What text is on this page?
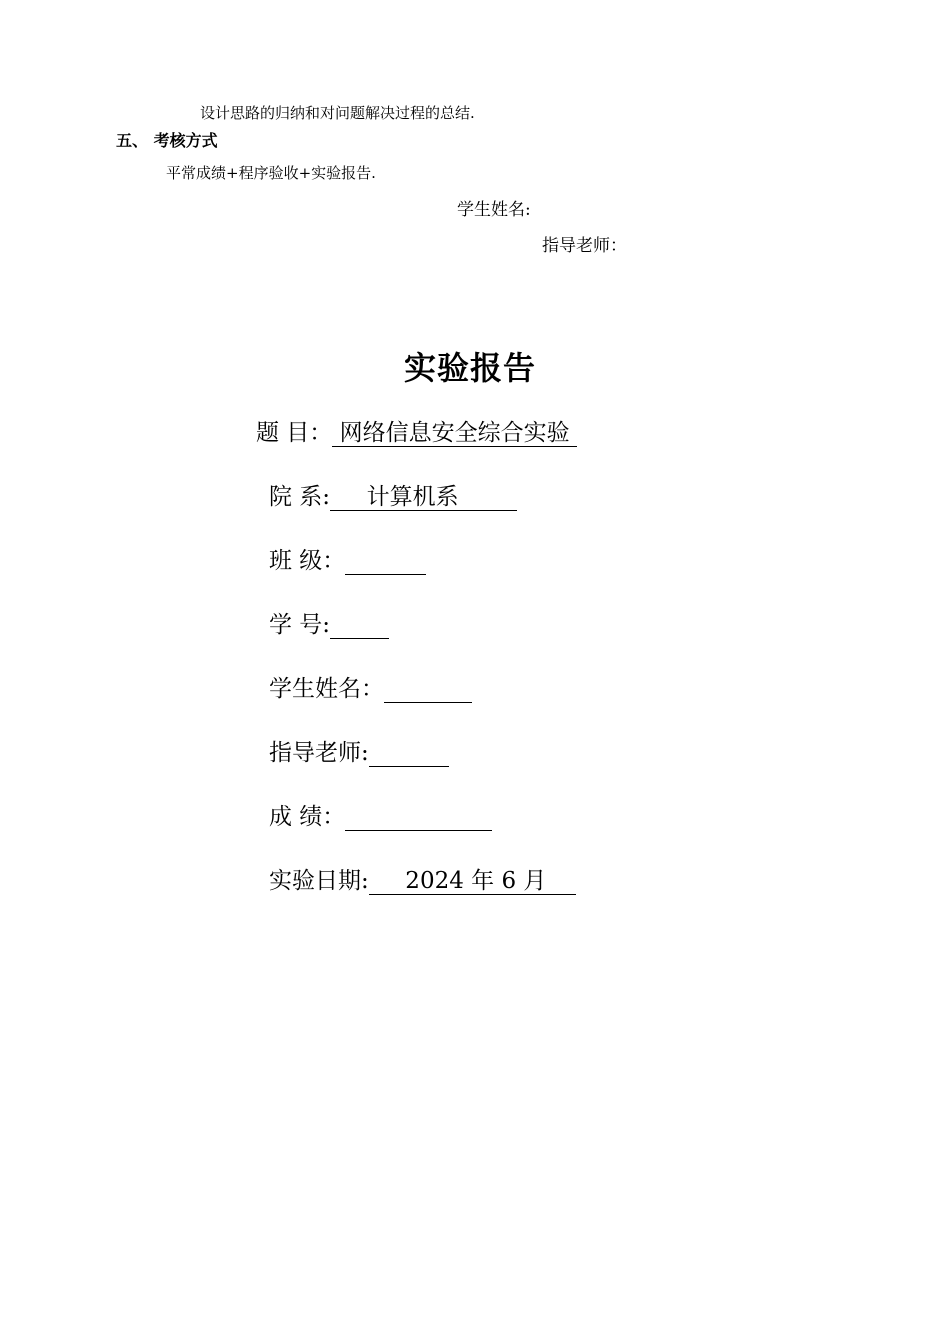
设计思路的归纳和对问题解决过程的总结.
五、 考核方式
平常成绩+程序验收+实验报告.
学生姓名:
指导老师：
实验报告
题 目： 网络信息安全综合实验
院 系: 计算机系
班 级：

学 号:

学生姓名：

指导老师:

成 绩：

实验日期: 2024 年 6 月
